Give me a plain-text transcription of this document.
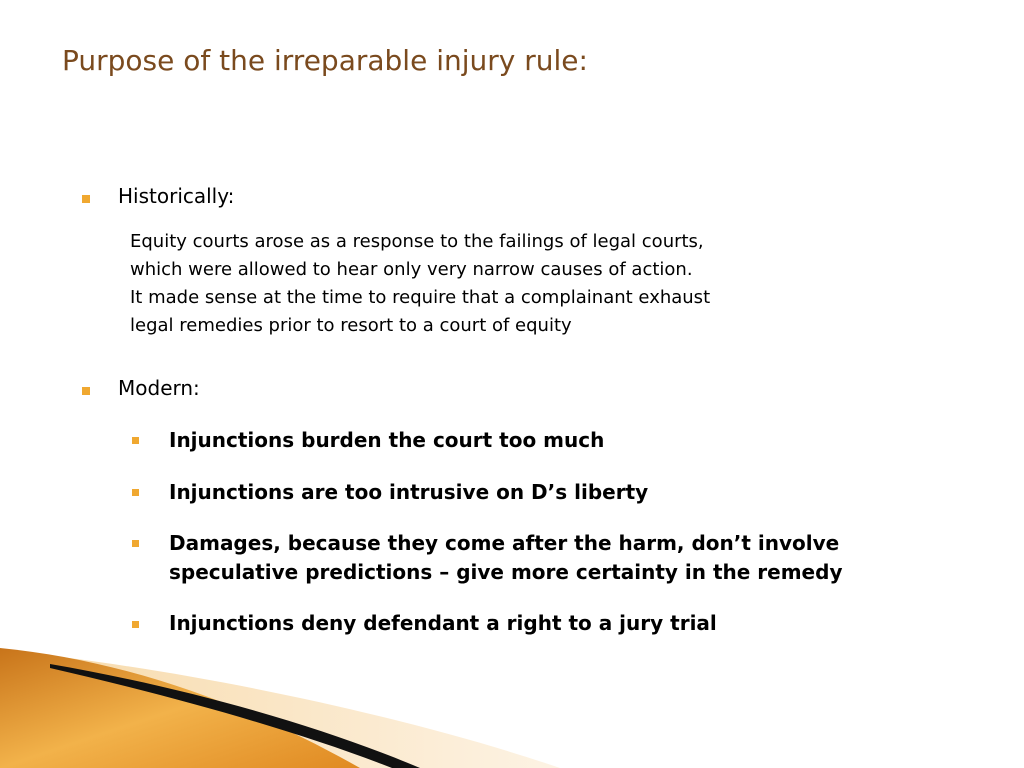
Purpose of the irreparable injury rule:
Historically:
Equity courts arose as a response to the failings of legal courts,
which were allowed to hear only very narrow causes of action.
It made sense at the time to require that a complainant exhaust
legal remedies prior to resort to a court of equity
Modern:
Injunctions burden the court too much
Injunctions are too intrusive on D’s liberty
Damages, because they come after the harm, don’t involve
speculative predictions – give more certainty in the remedy
Injunctions deny defendant a right to a jury trial
